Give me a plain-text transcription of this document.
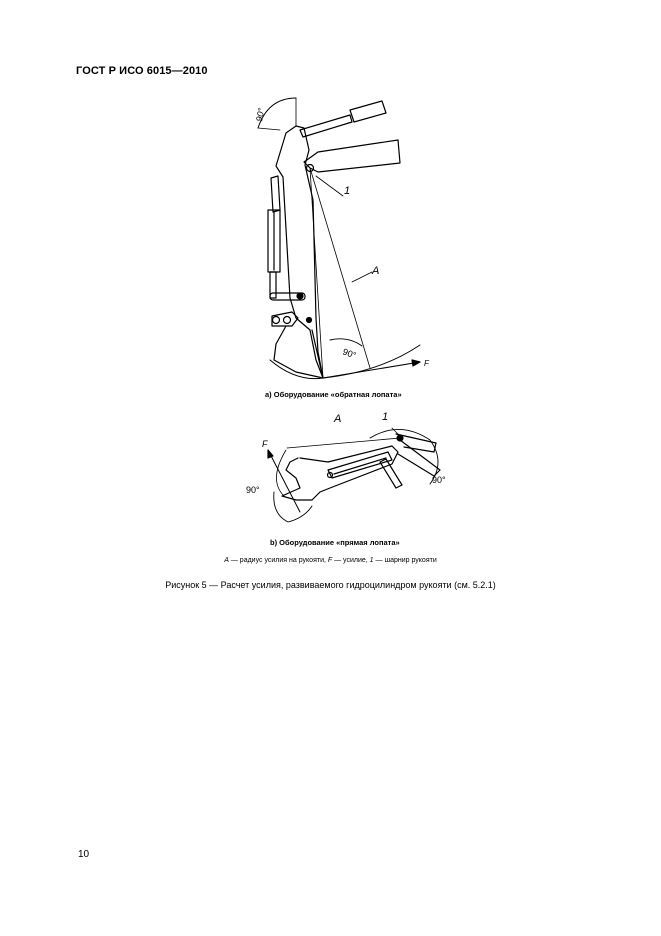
ГОСТ Р ИСО 6015—2010
90°
1
A
90°
F
A	1
F
90°
90°
a) Оборудование «обратная лопата»
b) Оборудование «прямая лопата»
A — радиус усилия на рукояти, F — усилие, 1 — шарнир рукояти
Рисунок 5 — Расчет усилия, развиваемого гидроцилиндром рукояти (см. 5.2.1)
10
